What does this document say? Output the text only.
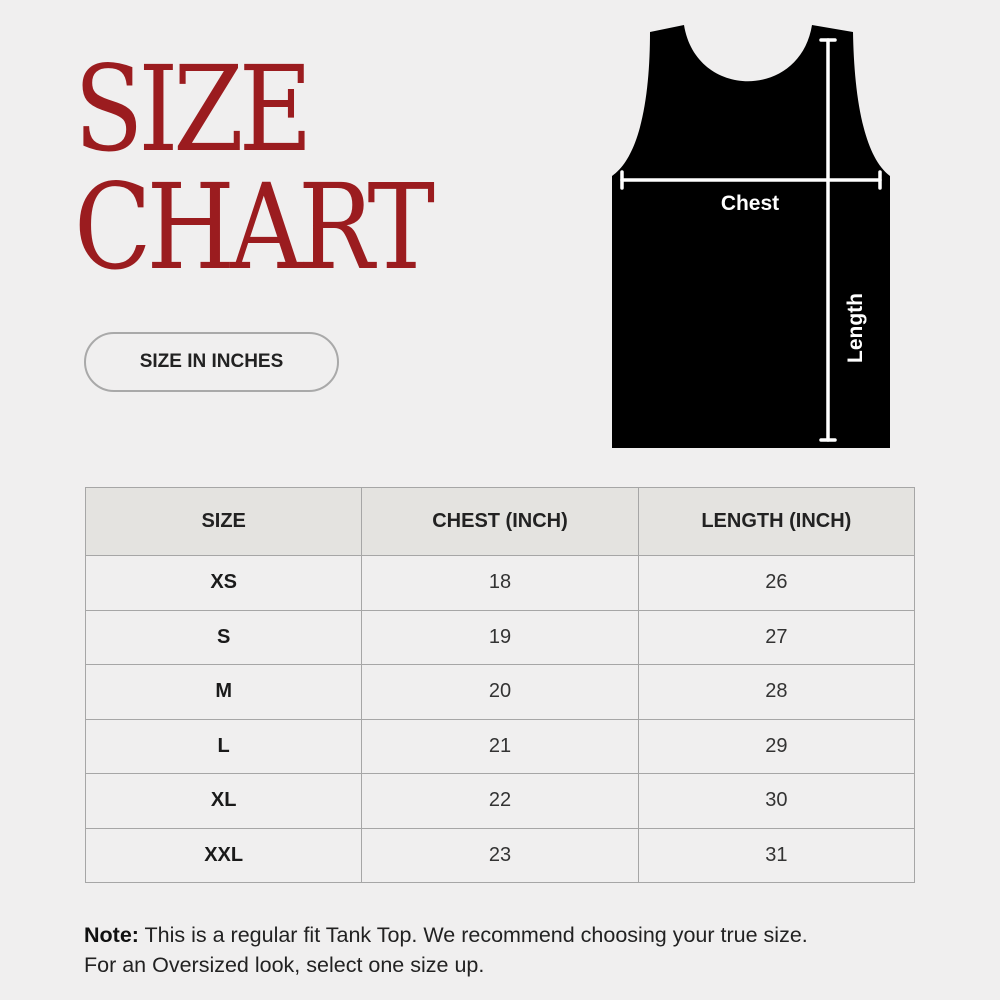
SIZE
CHART
SIZE IN INCHES
Chest
Length
SIZE	CHEST (INCH)	LENGTH (INCH)
XS	18	26
S	19	27
M	20	28
L	21	29
XL	22	30
XXL	23	31
Note: This is a regular fit Tank Top. We recommend choosing your true size.
For an Oversized look, select one size up.
